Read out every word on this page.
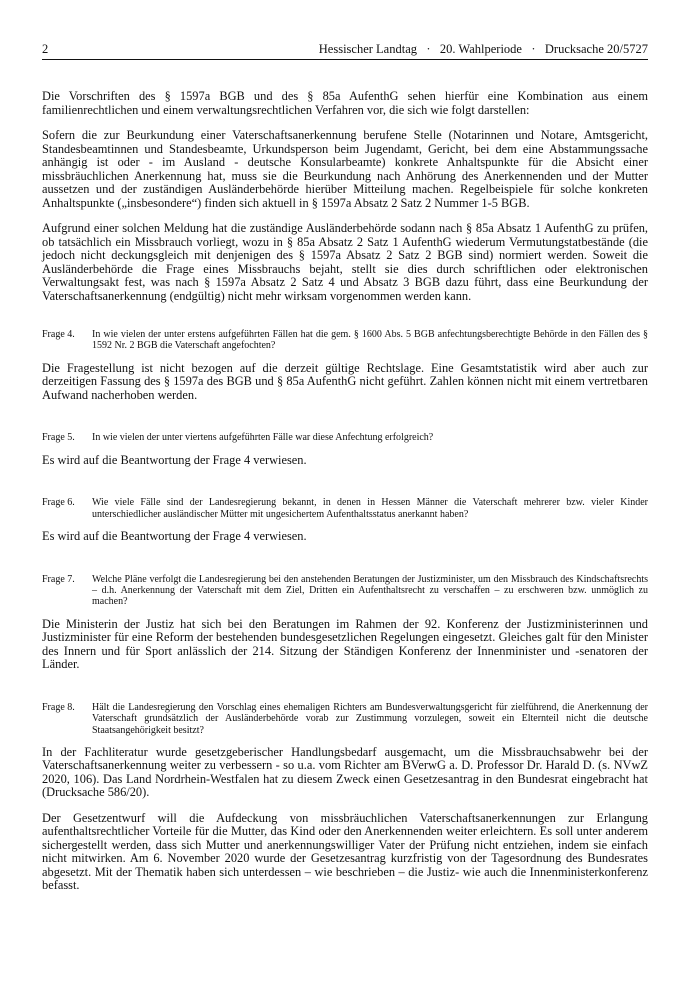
2	Hessischer Landtag   ·   20. Wahlperiode   ·   Drucksache 20/5727

Die Vorschriften des § 1597a BGB und des § 85a AufenthG sehen hierfür eine Kombination aus einem familienrechtlichen und einem verwaltungsrechtlichen Verfahren vor, die sich wie folgt darstellen:

Sofern die zur Beurkundung einer Vaterschaftsanerkennung berufene Stelle (Notarinnen und Notare, Amtsgericht, Standesbeamtinnen und Standesbeamte, Urkundsperson beim Jugendamt, Gericht, bei dem eine Abstammungssache anhängig ist oder - im Ausland - deutsche Konsularbeamte) konkrete Anhaltspunkte für die Absicht einer missbräuchlichen Anerkennung hat, muss sie die Beurkundung nach Anhörung des Anerkennenden und der Mutter aussetzen und der zuständigen Ausländerbehörde hierüber Mitteilung machen. Regelbeispiele für solche konkreten Anhaltspunkte („insbesondere“) finden sich aktuell in § 1597a Absatz 2 Satz 2 Nummer 1-5 BGB.

Aufgrund einer solchen Meldung hat die zuständige Ausländerbehörde sodann nach § 85a Absatz 1 AufenthG zu prüfen, ob tatsächlich ein Missbrauch vorliegt, wozu in § 85a Absatz 2 Satz 1 AufenthG wiederum Vermutungstatbestände (die jedoch nicht deckungsgleich mit denjenigen des § 1597a Absatz 2 Satz 2 BGB sind) normiert werden. Soweit die Ausländerbehörde die Frage eines Missbrauchs bejaht, stellt sie dies durch schriftlichen oder elektronischen Verwaltungsakt fest, was nach § 1597a Absatz 2 Satz 4 und Absatz 3 BGB dazu führt, dass eine Beurkundung der Vaterschaftsanerkennung (endgültig) nicht mehr wirksam vorgenommen werden kann.

Frage 4.	In wie vielen der unter erstens aufgeführten Fällen hat die gem. § 1600 Abs. 5 BGB anfechtungsberechtigte Behörde in den Fällen des § 1592 Nr. 2 BGB die Vaterschaft angefochten?

Die Fragestellung ist nicht bezogen auf die derzeit gültige Rechtslage. Eine Gesamtstatistik wird aber auch zur derzeitigen Fassung des § 1597a des BGB und § 85a AufenthG nicht geführt. Zahlen können nicht mit einem vertretbaren Aufwand nacherhoben werden.

Frage 5.	In wie vielen der unter viertens aufgeführten Fälle war diese Anfechtung erfolgreich?

Es wird auf die Beantwortung der Frage 4 verwiesen.

Frage 6.	Wie viele Fälle sind der Landesregierung bekannt, in denen in Hessen Männer die Vaterschaft mehrerer bzw. vieler Kinder unterschiedlicher ausländischer Mütter mit ungesichertem Aufenthaltsstatus anerkannt haben?

Es wird auf die Beantwortung der Frage 4 verwiesen.

Frage 7.	Welche Pläne verfolgt die Landesregierung bei den anstehenden Beratungen der Justizminister, um den Missbrauch des Kindschaftsrechts – d.h. Anerkennung der Vaterschaft mit dem Ziel, Dritten ein Aufenthaltsrecht zu verschaffen – zu erschweren bzw. unmöglich zu machen?

Die Ministerin der Justiz hat sich bei den Beratungen im Rahmen der 92. Konferenz der Justizministerinnen und Justizminister für eine Reform der bestehenden bundesgesetzlichen Regelungen eingesetzt. Gleiches galt für den Minister des Innern und für Sport anlässlich der 214. Sitzung der Ständigen Konferenz der Innenminister und -senatoren der Länder.

Frage 8.	Hält die Landesregierung den Vorschlag eines ehemaligen Richters am Bundesverwaltungsgericht für zielführend, die Anerkennung der Vaterschaft grundsätzlich der Ausländerbehörde vorab zur Zustimmung vorzulegen, soweit ein Elternteil nicht die deutsche Staatsangehörigkeit besitzt?

In der Fachliteratur wurde gesetzgeberischer Handlungsbedarf ausgemacht, um die Missbrauchsabwehr bei der Vaterschaftsanerkennung weiter zu verbessern - so u.a. vom Richter am BVerwG a. D. Professor Dr. Harald D. (s. NVwZ 2020, 106). Das Land Nordrhein-Westfalen hat zu diesem Zweck einen Gesetzesantrag in den Bundesrat eingebracht hat (Drucksache 586/20).

Der Gesetzentwurf will die Aufdeckung von missbräuchlichen Vaterschaftsanerkennungen zur Erlangung aufenthaltsrechtlicher Vorteile für die Mutter, das Kind oder den Anerkennenden weiter erleichtern. Es soll unter anderem sichergestellt werden, dass sich Mutter und anerkennungswilliger Vater der Prüfung nicht entziehen, indem sie einfach nicht mitwirken. Am 6. November 2020 wurde der Gesetzesantrag kurzfristig von der Tagesordnung des Bundesrates abgesetzt. Mit der Thematik haben sich unterdessen – wie beschrieben – die Justiz- wie auch die Innenministerkonferenz befasst.
